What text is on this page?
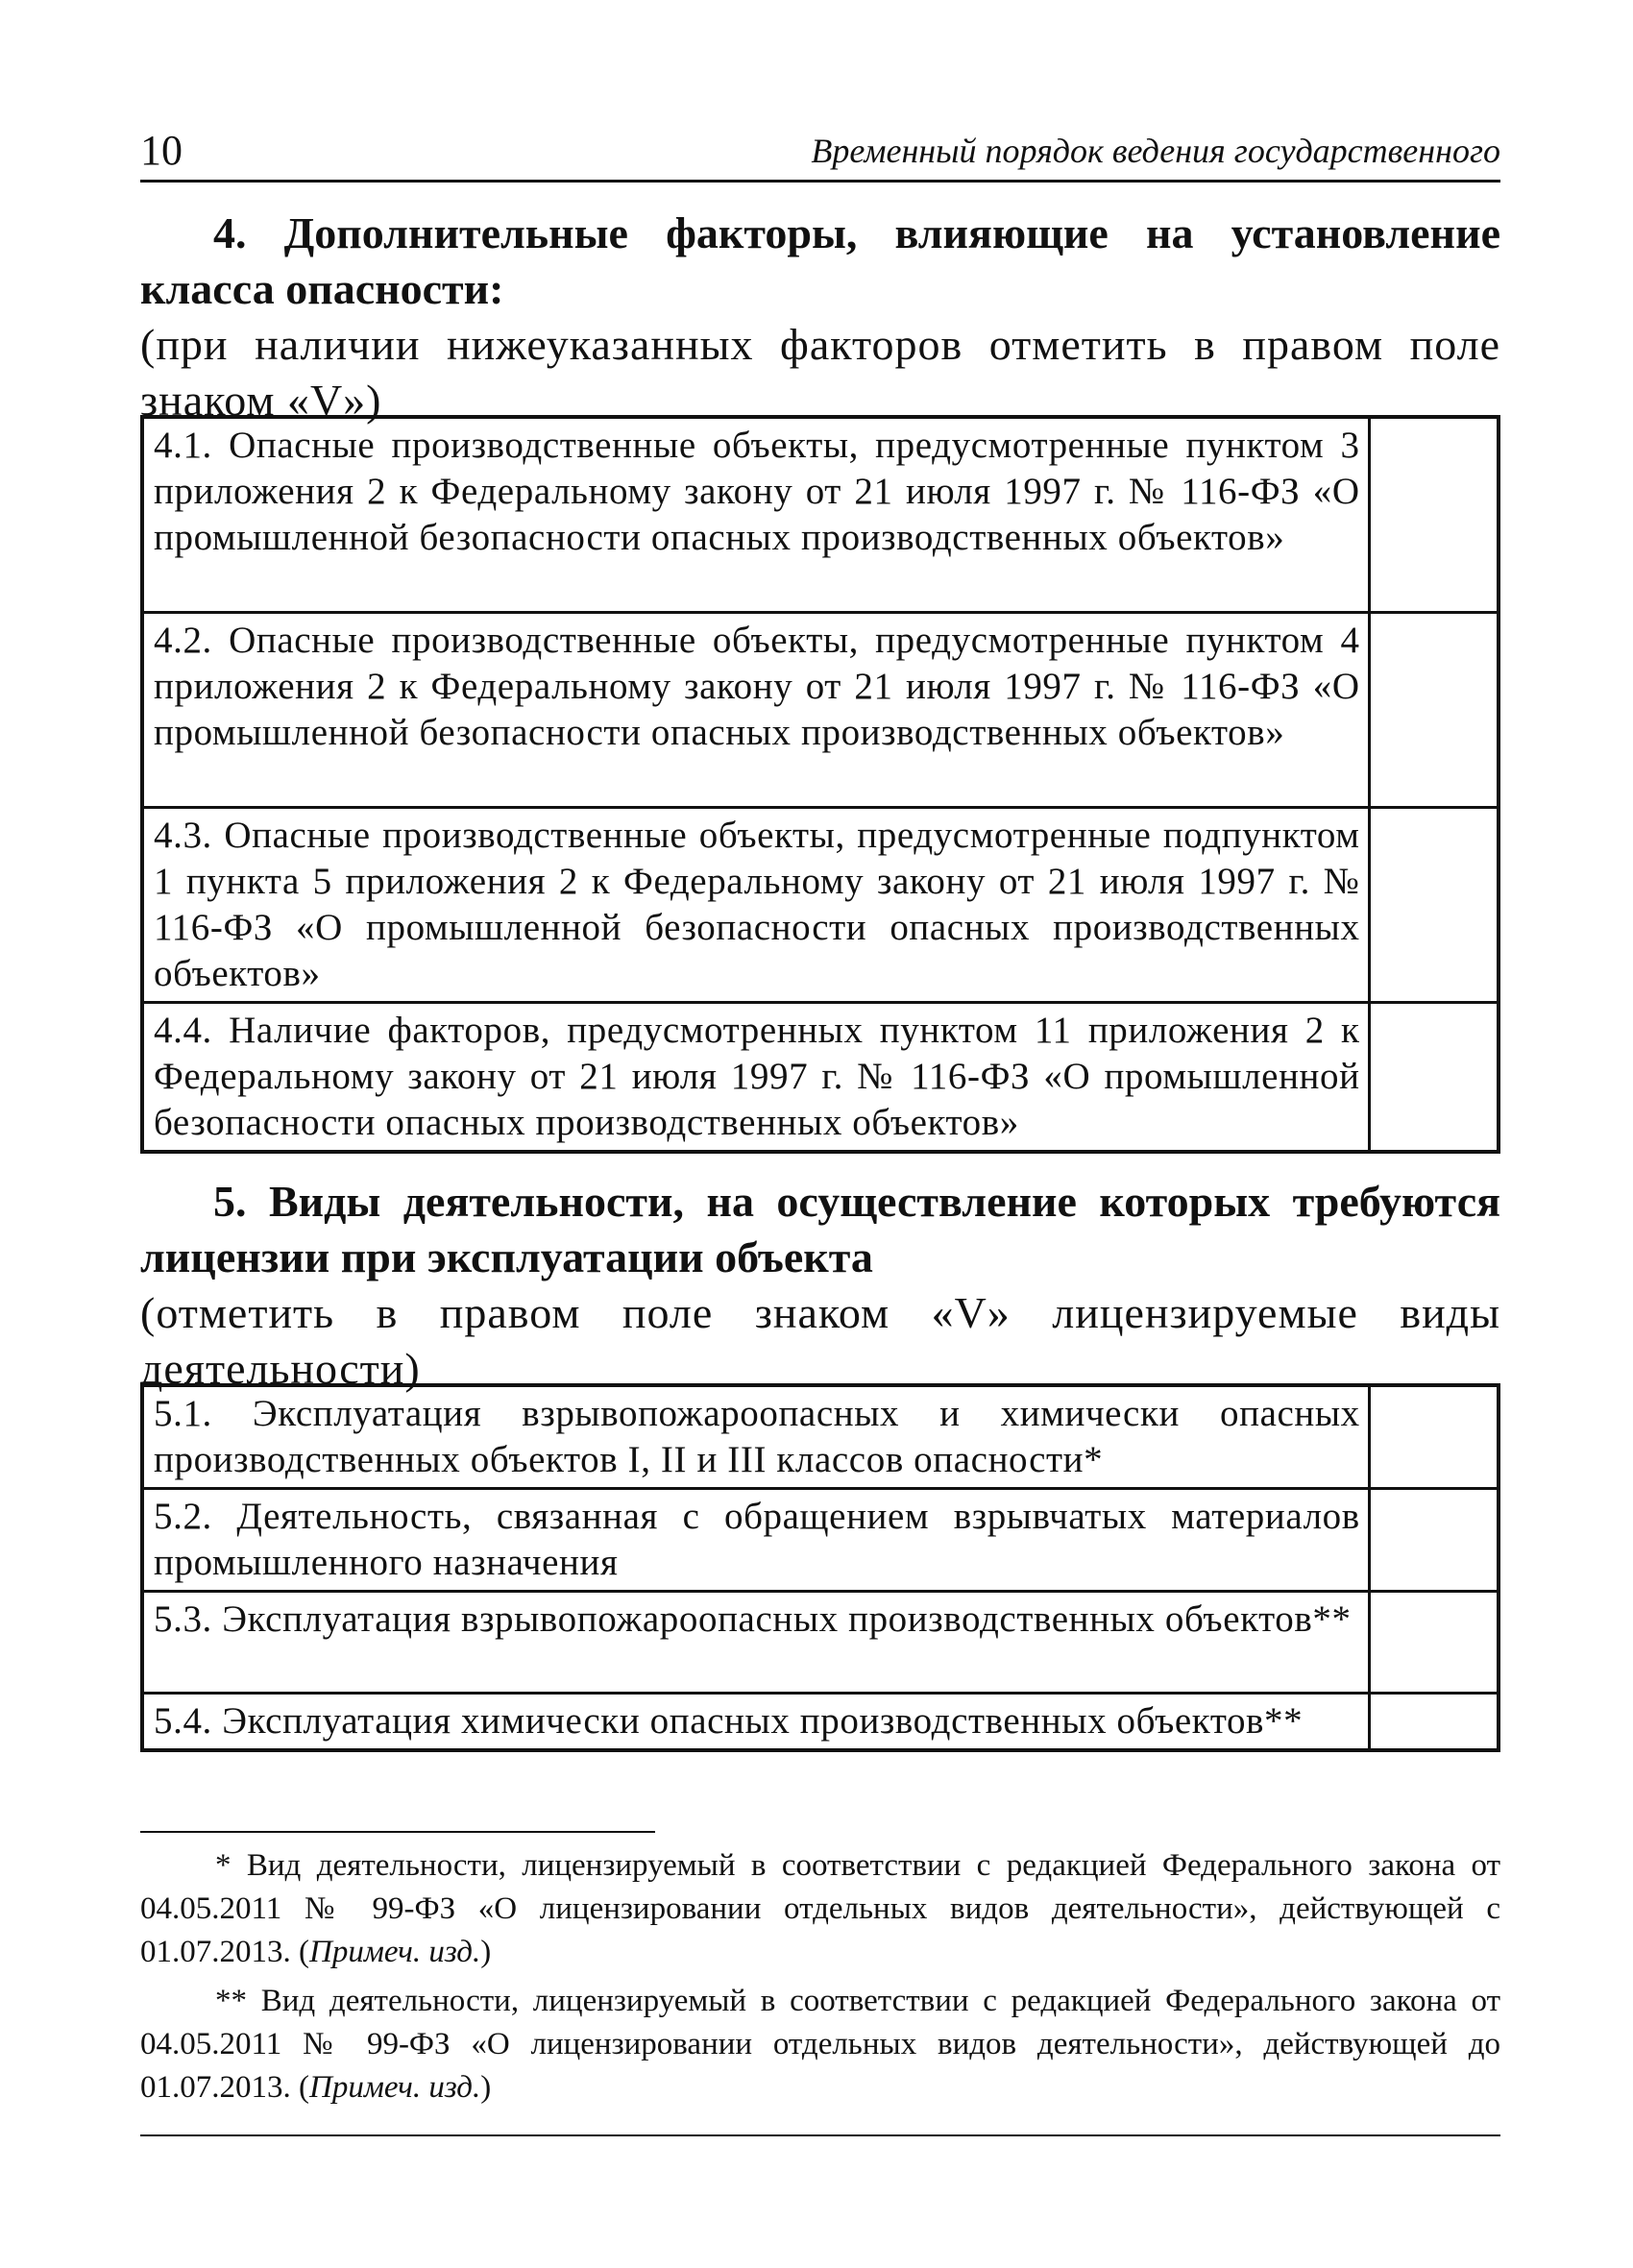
10	Временный порядок ведения государственного

4. Дополнительные факторы, влияющие на установление класса опасности:

(при наличии нижеуказанных факторов отметить в правом поле знаком «V»)

4.1. Опасные производственные объекты, предусмотренные пунктом 3 приложения 2 к Федеральному закону от 21 июля 1997 г. № 116-ФЗ «О промышленной безопасности опасных производственных объектов»	
4.2. Опасные производственные объекты, предусмотренные пунктом 4 приложения 2 к Федеральному закону от 21 июля 1997 г. № 116-ФЗ «О промышленной безопасности опасных производственных объектов»	
4.3. Опасные производственные объекты, предусмотренные подпунктом 1 пункта 5 приложения 2 к Федеральному закону от 21 июля 1997 г. № 116-ФЗ «О промышленной безопасности опасных производственных объектов»	
4.4. Наличие факторов, предусмотренных пунктом 11 приложения 2 к Федеральному закону от 21 июля 1997 г. № 116-ФЗ «О промышленной безопасности опасных производственных объектов»	

5. Виды деятельности, на осуществление которых требуются лицензии при эксплуатации объекта

(отметить в правом поле знаком «V» лицензируемые виды деятельности)

5.1. Эксплуатация взрывопожароопасных и химически опасных производственных объектов I, II и III классов опасности*	
5.2. Деятельность, связанная с обращением взрывчатых материалов промышленного назначения	
5.3. Эксплуатация взрывопожароопасных производственных объектов**	
5.4. Эксплуатация химически опасных производственных объектов**	

* Вид деятельности, лицензируемый в соответствии с редакцией Федерального закона от 04.05.2011 № 99-ФЗ «О лицензировании отдельных видов деятельности», действующей с 01.07.2013. (Примеч. изд.)

** Вид деятельности, лицензируемый в соответствии с редакцией Федерального закона от 04.05.2011 № 99-ФЗ «О лицензировании отдельных видов деятельности», действующей до 01.07.2013. (Примеч. изд.)
